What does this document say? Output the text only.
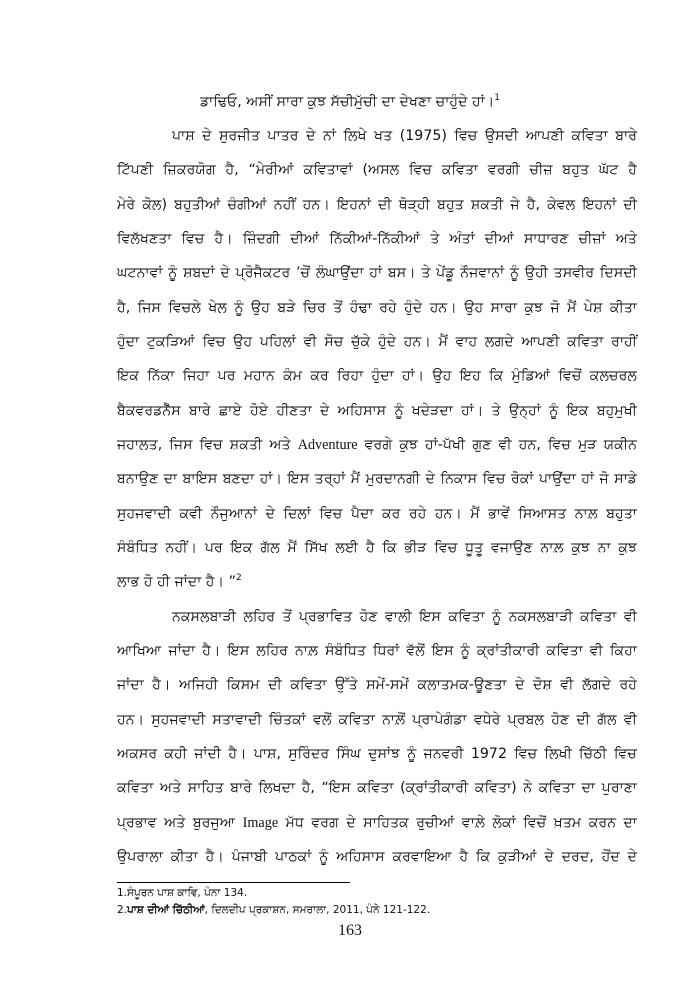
ਡਾਢਿਓ, ਅਸੀਂ ਸਾਰਾ ਕੁਝ ਸੱਚੀਮੁੱਚੀ ਦਾ ਦੇਖਣਾ ਚਾਹੁੰਦੇ ਹਾਂ।$^1$
ਪਾਸ਼ ਦੇ ਸੁਰਜੀਤ ਪਾਤਰ ਦੇ ਨਾਂ ਲਿਖੇ ਖਤ (1975) ਵਿਚ ਉਸਦੀ ਆਪਣੀ ਕਵਿਤਾ ਬਾਰੇ
ਟਿੱਪਣੀ ਜ਼ਿਕਰਯੋਗ ਹੈ, “ਮੇਰੀਆਂ ਕਵਿਤਾਵਾਂ (ਅਸਲ ਵਿਚ ਕਵਿਤਾ ਵਰਗੀ ਚੀਜ਼ ਬਹੁਤ ਘੱਟ ਹੈ
ਮੇਰੇ ਕੋਲ) ਬਹੁਤੀਆਂ ਚੰਗੀਆਂ ਨਹੀਂ ਹਨ। ਇਹਨਾਂ ਦੀ ਥੋੜ੍ਹੀ ਬਹੁਤ ਸ਼ਕਤੀ ਜੇ ਹੈ, ਕੇਵਲ ਇਹਨਾਂ ਦੀ
ਵਿਲੱਖਣਤਾ ਵਿਚ ਹੈ। ਜ਼ਿੰਦਗੀ ਦੀਆਂ ਨਿੱਕੀਆਂ-ਨਿੱਕੀਆਂ ਤੇ ਅੰਤਾਂ ਦੀਆਂ ਸਾਧਾਰਣ ਚੀਜ਼ਾਂ ਅਤੇ
ਘਟਨਾਵਾਂ ਨੂੰ ਸ਼ਬਦਾਂ ਦੇ ਪ੍ਰੋਜੈਕਟਰ ’ਚੋਂ ਲੰਘਾਉਂਦਾ ਹਾਂ ਬਸ। ਤੇ ਪੇਂਡੂ ਨੌਜਵਾਨਾਂ ਨੂੰ ਉਹੀ ਤਸਵੀਰ ਦਿਸਦੀ
ਹੈ, ਜਿਸ ਵਿਚਲੇ ਖੇਲ ਨੂੰ ਉਹ ਬੜੇ ਚਿਰ ਤੋਂ ਹੰਢਾ ਰਹੇ ਹੁੰਦੇ ਹਨ। ਉਹ ਸਾਰਾ ਕੁਝ ਜੋ ਮੈਂ ਪੇਸ਼ ਕੀਤਾ
ਹੁੰਦਾ ਟੁਕੜਿਆਂ ਵਿਚ ਉਹ ਪਹਿਲਾਂ ਵੀ ਸੋਚ ਚੁੱਕੇ ਹੁੰਦੇ ਹਨ। ਮੈਂ ਵਾਹ ਲਗਦੇ ਆਪਣੀ ਕਵਿਤਾ ਰਾਹੀਂ
ਇਕ ਨਿੱਕਾ ਜਿਹਾ ਪਰ ਮਹਾਨ ਕੰਮ ਕਰ ਰਿਹਾ ਹੁੰਦਾ ਹਾਂ। ਉਹ ਇਹ ਕਿ ਮੁੰਡਿਆਂ ਵਿਚੋਂ ਕਲਚਰਲ
ਬੈਕਵਰਡਨੈੱਸ ਬਾਰੇ ਛਾਏ ਹੋਏ ਹੀਣਤਾ ਦੇ ਅਹਿਸਾਸ ਨੂੰ ਖਦੇੜਦਾ ਹਾਂ। ਤੇ ਉਨ੍ਹਾਂ ਨੂੰ ਇਕ ਬਹੁਮੁਖੀ
ਜਹਾਲਤ, ਜਿਸ ਵਿਚ ਸ਼ਕਤੀ ਅਤੇ Adventure ਵਰਗੇ ਕੁਝ ਹਾਂ-ਪੱਖੀ ਗੁਣ ਵੀ ਹਨ, ਵਿਚ ਮੁੜ ਯਕੀਨ
ਬਨਾਉਣ ਦਾ ਬਾਇਸ ਬਣਦਾ ਹਾਂ। ਇਸ ਤਰ੍ਹਾਂ ਮੈਂ ਮੁਰਦਾਨਗੀ ਦੇ ਨਿਕਾਸ ਵਿਚ ਰੋਕਾਂ ਪਾਉਂਦਾ ਹਾਂ ਜੋ ਸਾਡੇ
ਸੁਹਜਵਾਦੀ ਕਵੀ ਨੌਜੁਆਨਾਂ ਦੇ ਦਿਲਾਂ ਵਿਚ ਪੈਦਾ ਕਰ ਰਹੇ ਹਨ। ਮੈਂ ਭਾਵੇਂ ਸਿਆਸਤ ਨਾਲ਼ ਬਹੁਤਾ
ਸੰਬੰਧਿਤ ਨਹੀਂ। ਪਰ ਇਕ ਗੱਲ ਮੈਂ ਸਿੱਖ ਲਈ ਹੈ ਕਿ ਭੀੜ ਵਿਚ ਧੂਤੂ ਵਜਾਉਣ ਨਾਲ਼ ਕੁਝ ਨਾ ਕੁਝ
ਲਾਭ ਹੋ ਹੀ ਜਾਂਦਾ ਹੈ। ”$^2$
ਨਕਸਲਬਾੜੀ ਲਹਿਰ ਤੋਂ ਪ੍ਰਭਾਵਿਤ ਹੋਣ ਵਾਲੀ ਇਸ ਕਵਿਤਾ ਨੂੰ ਨਕਸਲਬਾੜੀ ਕਵਿਤਾ ਵੀ
ਆਖਿਆ ਜਾਂਦਾ ਹੈ। ਇਸ ਲਹਿਰ ਨਾਲ਼ ਸੰਬੰਧਿਤ ਧਿਰਾਂ ਵੱਲੋਂ ਇਸ ਨੂੰ ਕ੍ਰਾਂਤੀਕਾਰੀ ਕਵਿਤਾ ਵੀ ਕਿਹਾ
ਜਾਂਦਾ ਹੈ। ਅਜਿਹੀ ਕਿਸਮ ਦੀ ਕਵਿਤਾ ਉੱਤੇ ਸਮੇਂ-ਸਮੇਂ ਕਲਾਤਮਕ-ਊਣਤਾ ਦੇ ਦੋਸ਼ ਵੀ ਲੱਗਦੇ ਰਹੇ
ਹਨ। ਸੁਹਜਵਾਦੀ ਸਤਾਵਾਦੀ ਚਿੰਤਕਾਂ ਵਲੋਂ ਕਵਿਤਾ ਨਾਲ਼ੋਂ ਪ੍ਰਾਪੇਗੰਡਾ ਵਧੇਰੇ ਪ੍ਰਬਲ ਹੋਣ ਦੀ ਗੱਲ ਵੀ
ਅਕਸਰ ਕਹੀ ਜਾਂਦੀ ਹੈ। ਪਾਸ਼, ਸੁਰਿੰਦਰ ਸਿੰਘ ਦੁਸਾਂਝ ਨੂੰ ਜਨਵਰੀ 1972 ਵਿਚ ਲਿਖੀ ਚਿੱਠੀ ਵਿਚ
ਕਵਿਤਾ ਅਤੇ ਸਾਹਿਤ ਬਾਰੇ ਲਿਖਦਾ ਹੈ, “ਇਸ ਕਵਿਤਾ (ਕ੍ਰਾਂਤੀਕਾਰੀ ਕਵਿਤਾ) ਨੇ ਕਵਿਤਾ ਦਾ ਪੁਰਾਣਾ
ਪ੍ਰਭਾਵ ਅਤੇ ਬੁਰਜੁਆ Image ਮੱਧ ਵਰਗ ਦੇ ਸਾਹਿਤਕ ਰੁਚੀਆਂ ਵਾਲ਼ੇ ਲੋਕਾਂ ਵਿਚੋਂ ਖ਼ਤਮ ਕਰਨ ਦਾ
ਉਪਰਾਲਾ ਕੀਤਾ ਹੈ। ਪੰਜਾਬੀ ਪਾਠਕਾਂ ਨੂੰ ਅਹਿਸਾਸ ਕਰਵਾਇਆ ਹੈ ਕਿ ਕੁੜੀਆਂ ਦੇ ਦਰਦ, ਹੋਂਦ ਦੇ
1.ਸੰਪੂਰਨ ਪਾਸ਼ ਕਾਵਿ, ਪੰਨਾ 134.
2.ਪਾਸ਼ ਦੀਆਂ ਚਿੱਠੀਆਂ, ਦਿਲਦੀਪ ਪ੍ਰਕਾਸ਼ਨ, ਸਮਰਾਲਾ, 2011, ਪੰਨੇ 121-122.
163
